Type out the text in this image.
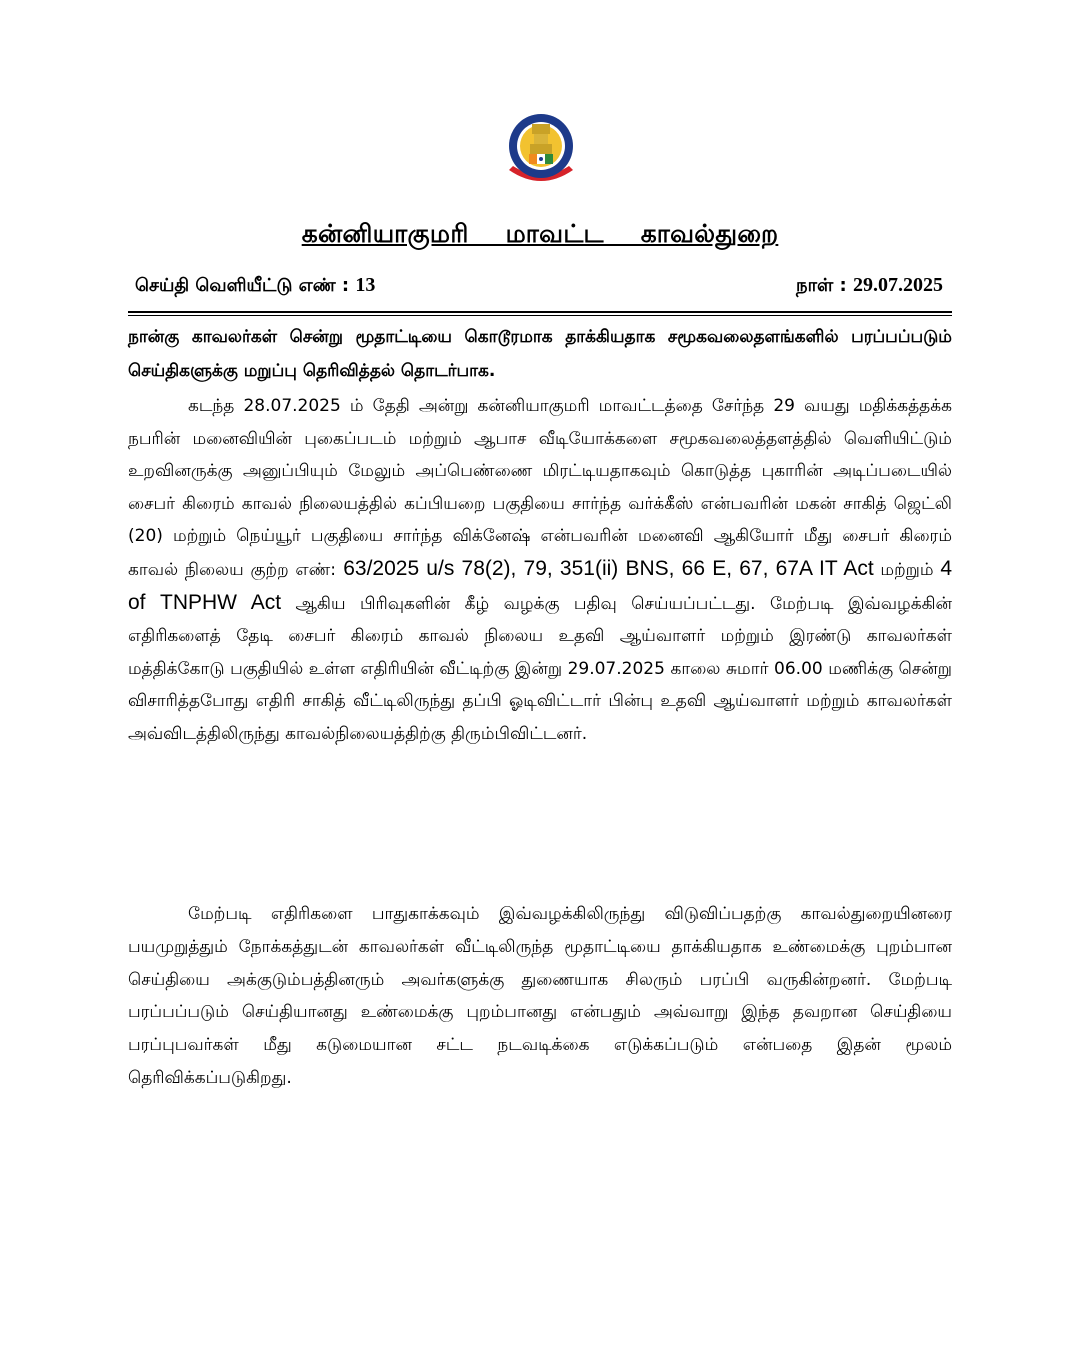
கன்னியாகுமரி மாவட்ட காவல்துறை
செய்தி வெளியீட்டு எண் : 13	நாள் : 29.07.2025
நான்கு காவலர்கள் சென்று மூதாட்டியை கொடூரமாக தாக்கியதாக சமூகவலைதளங்களில் பரப்பப்படும் செய்திகளுக்கு மறுப்பு தெரிவித்தல் தொடர்பாக.
கடந்த 28.07.2025 ம் தேதி அன்று கன்னியாகுமரி மாவட்டத்தை சேர்ந்த 29 வயது மதிக்கத்தக்க நபரின் மனைவியின் புகைப்படம் மற்றும் ஆபாச வீடியோக்களை சமூகவலைத்தளத்தில் வெளியிட்டும் உறவினருக்கு அனுப்பியும் மேலும் அப்பெண்ணை மிரட்டியதாகவும் கொடுத்த புகாரின் அடிப்படையில் சைபர் கிரைம் காவல் நிலையத்தில் கப்பியறை பகுதியை சார்ந்த வர்க்கீஸ் என்பவரின் மகன் சாகித் ஜெட்லி (20) மற்றும் நெய்யூர் பகுதியை சார்ந்த விக்னேஷ் என்பவரின் மனைவி ஆகியோர் மீது சைபர் கிரைம் காவல் நிலைய குற்ற எண்: 63/2025 u/s 78(2), 79, 351(ii) BNS, 66 E, 67, 67A IT Act மற்றும் 4 of TNPHW Act ஆகிய பிரிவுகளின் கீழ் வழக்கு பதிவு செய்யப்பட்டது. மேற்படி இவ்வழக்கின் எதிரிகளைத் தேடி சைபர் கிரைம் காவல் நிலைய உதவி ஆய்வாளர் மற்றும் இரண்டு காவலர்கள் மத்திக்கோடு பகுதியில் உள்ள எதிரியின் வீட்டிற்கு இன்று 29.07.2025 காலை சுமார் 06.00 மணிக்கு சென்று விசாரித்தபோது எதிரி சாகித் வீட்டிலிருந்து தப்பி ஓடிவிட்டார் பின்பு உதவி ஆய்வாளர் மற்றும் காவலர்கள் அவ்விடத்திலிருந்து காவல்நிலையத்திற்கு திரும்பிவிட்டனர்.
மேற்படி எதிரிகளை பாதுகாக்கவும் இவ்வழக்கிலிருந்து விடுவிப்பதற்கு காவல்துறையினரை பயமுறுத்தும் நோக்கத்துடன் காவலர்கள் வீட்டிலிருந்த மூதாட்டியை தாக்கியதாக உண்மைக்கு புறம்பான செய்தியை அக்குடும்பத்தினரும் அவர்களுக்கு துணையாக சிலரும் பரப்பி வருகின்றனர். மேற்படி பரப்பப்படும் செய்தியானது உண்மைக்கு புறம்பானது என்பதும் அவ்வாறு இந்த தவறான செய்தியை பரப்புபவர்கள் மீது கடுமையான சட்ட நடவடிக்கை எடுக்கப்படும் என்பதை இதன் மூலம் தெரிவிக்கப்படுகிறது.
